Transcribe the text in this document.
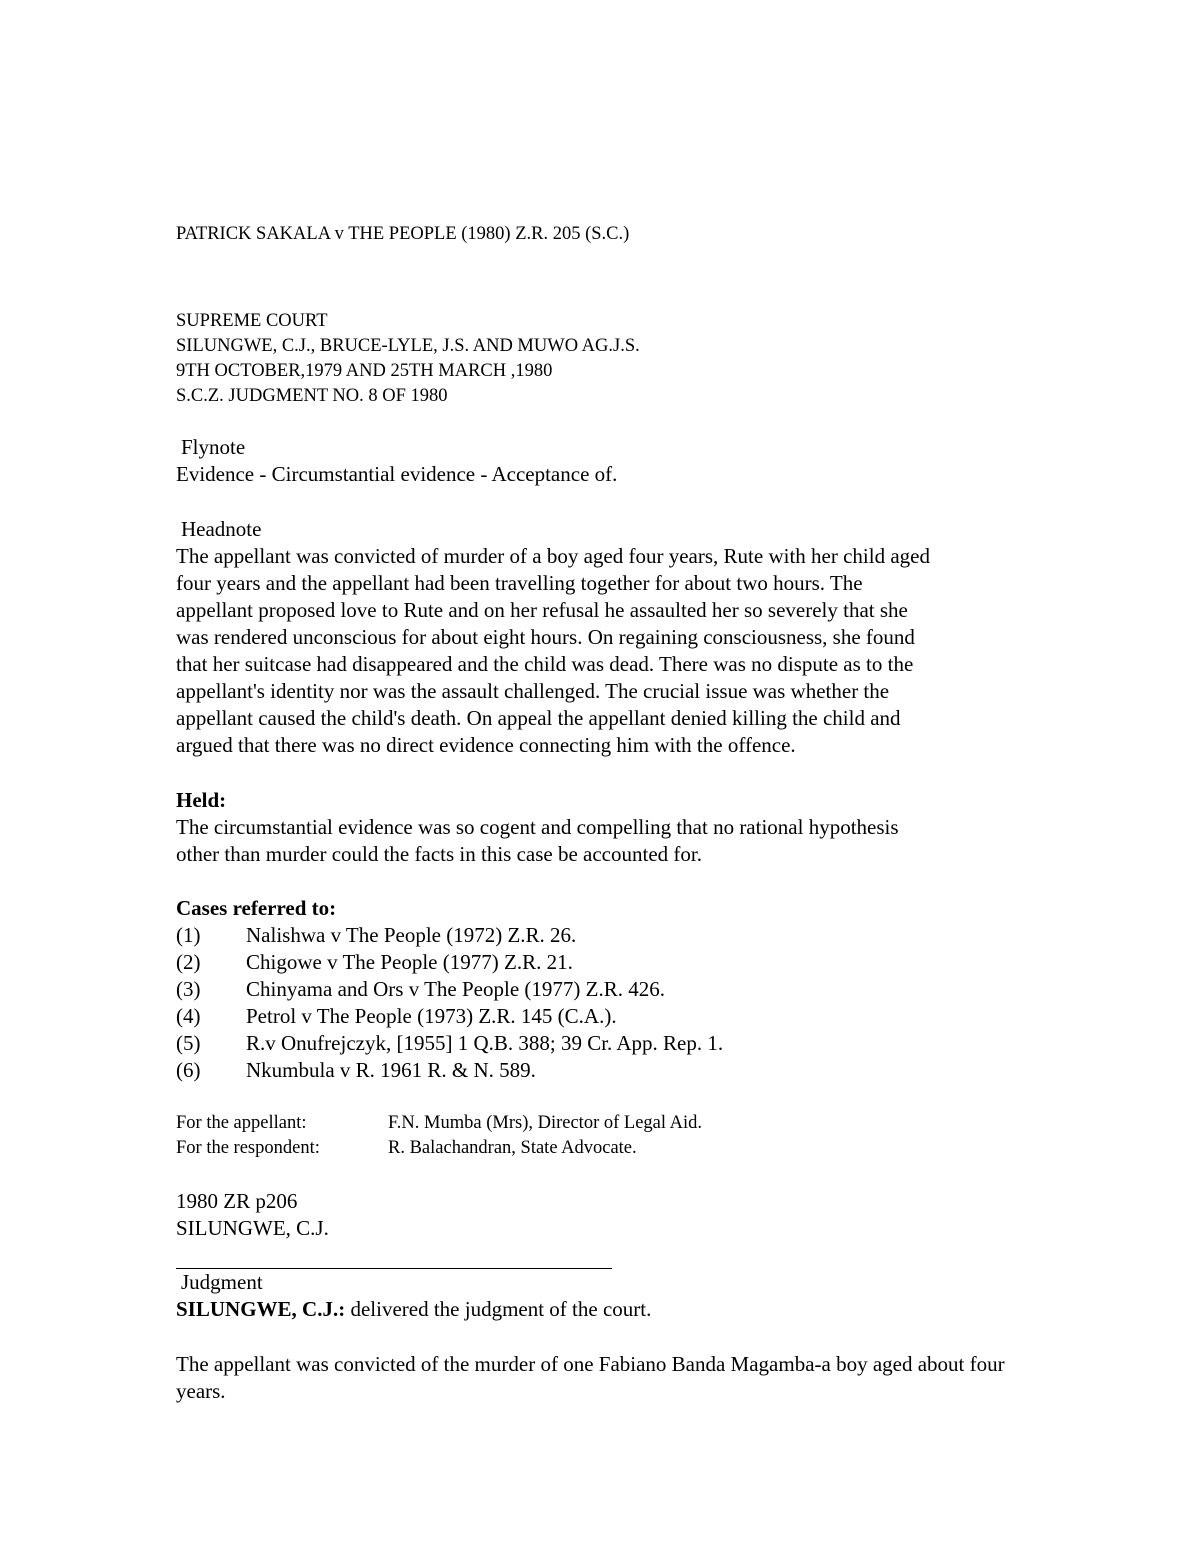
PATRICK SAKALA v THE PEOPLE (1980) Z.R. 205 (S.C.)
SUPREME COURT
SILUNGWE, C.J., BRUCE-LYLE, J.S. AND MUWO AG.J.S.
9TH OCTOBER,1979 AND 25TH MARCH ,1980
S.C.Z. JUDGMENT NO. 8 OF 1980
Flynote
Evidence - Circumstantial evidence - Acceptance of.
Headnote
The appellant was convicted of murder of a boy aged four years, Rute with her child aged
four years and the appellant had been travelling together for about two hours. The
appellant proposed love to Rute and on her refusal he assaulted her so severely that she
was rendered unconscious for about eight hours. On regaining consciousness, she found
that her suitcase had disappeared and the child was dead. There was no dispute as to the
appellant's identity nor was the assault challenged. The crucial issue was whether the
appellant caused the child's death. On appeal the appellant denied killing the child and
argued that there was no direct evidence connecting him with the offence.
Held:
The circumstantial evidence was so cogent and compelling that no rational hypothesis
other than murder could the facts in this case be accounted for.
Cases referred to:
(1) Nalishwa v The People (1972) Z.R. 26.
(2) Chigowe v The People (1977) Z.R. 21.
(3) Chinyama and Ors v The People (1977) Z.R. 426.
(4) Petrol v The People (1973) Z.R. 145 (C.A.).
(5) R.v Onufrejczyk, [1955] 1 Q.B. 388; 39 Cr. App. Rep. 1.
(6) Nkumbula v R. 1961 R. & N. 589.
For the appellant:	F.N. Mumba (Mrs), Director of Legal Aid.
For the respondent:	R. Balachandran, State Advocate.
1980 ZR p206
SILUNGWE, C.J.
Judgment
SILUNGWE, C.J.: delivered the judgment of the court.
The appellant was convicted of the murder of one Fabiano Banda Magamba-a boy aged about four
years.
